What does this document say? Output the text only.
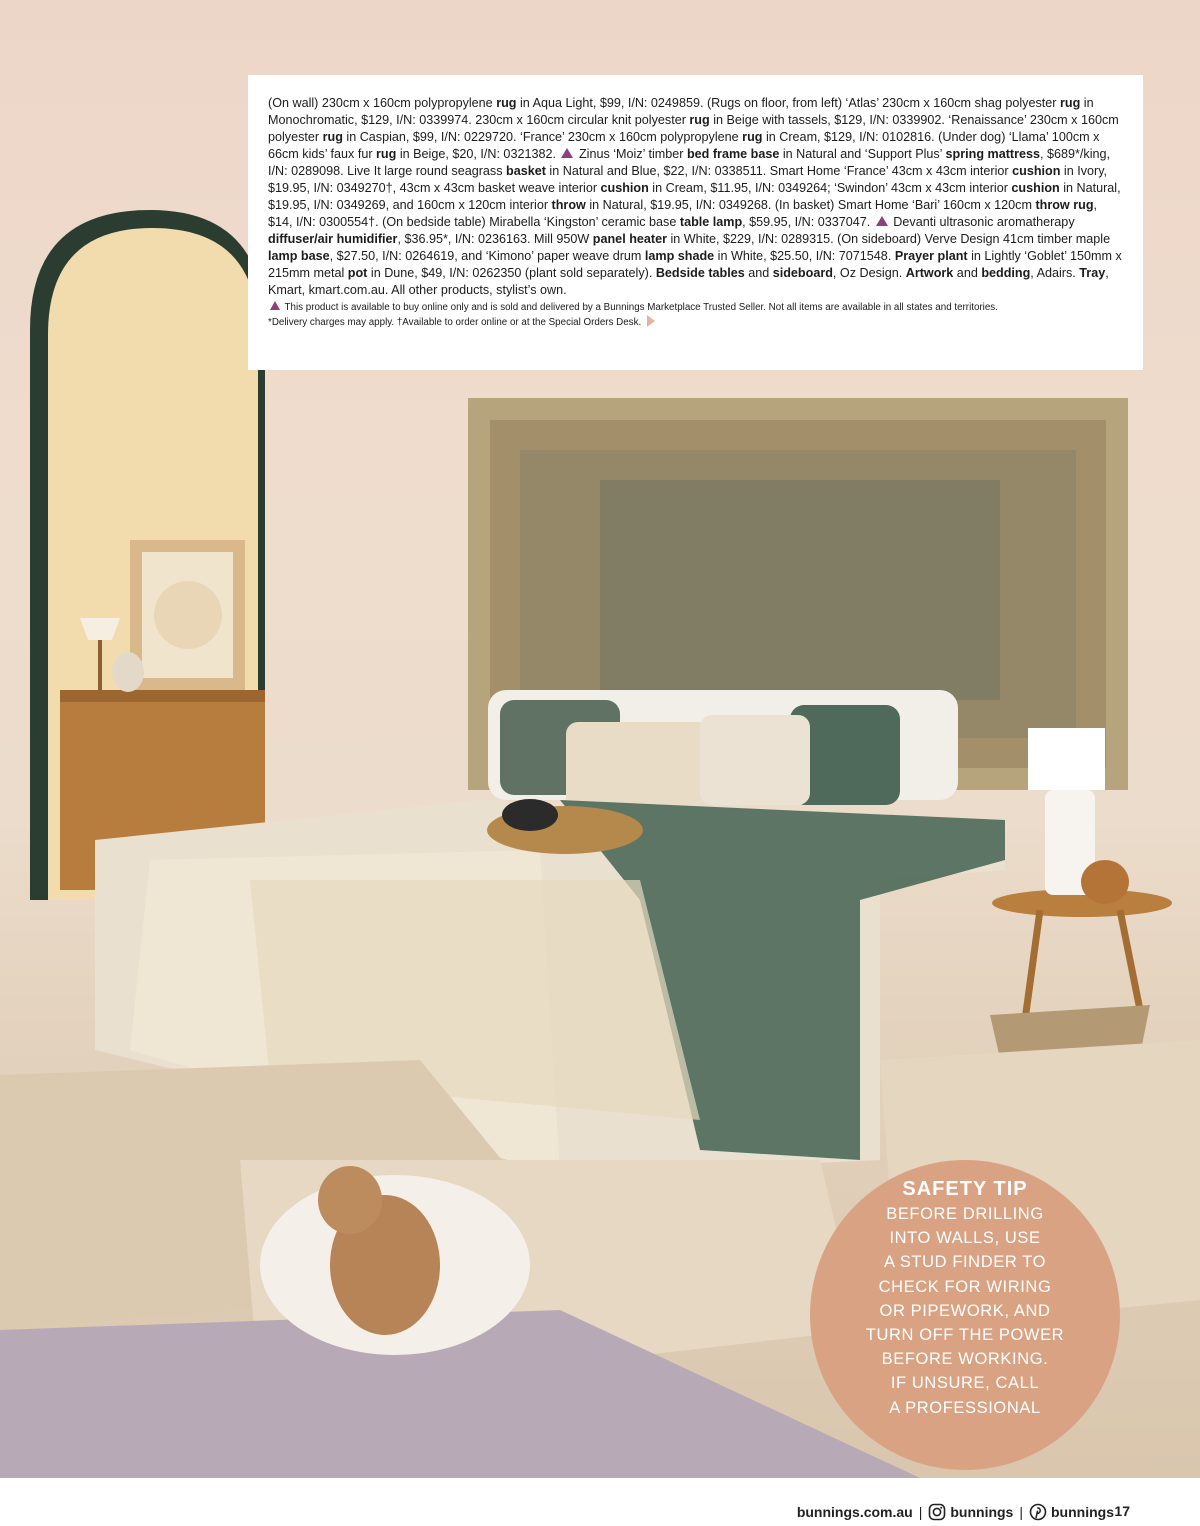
(On wall) 230cm x 160cm polypropylene rug in Aqua Light, $99, I/N: 0249859. (Rugs on floor, from left) ‘Atlas’ 230cm x 160cm shag polyester rug in Monochromatic, $129, I/N: 0339974. 230cm x 160cm circular knit polyester rug in Beige with tassels, $129, I/N: 0339902. ‘Renaissance’ 230cm x 160cm polyester rug in Caspian, $99, I/N: 0229720. ‘France’ 230cm x 160cm polypropylene rug in Cream, $129, I/N: 0102816. (Under dog) ‘Llama’ 100cm x 66cm kids’ faux fur rug in Beige, $20, I/N: 0321382.  Zinus ‘Moiz’ timber bed frame base in Natural and ‘Support Plus’ spring mattress, $689*/king, I/N: 0289098. Live It large round seagrass basket in Natural and Blue, $22, I/N: 0338511. Smart Home ‘France’ 43cm x 43cm interior cushion in Ivory, $19.95, I/N: 0349270†, 43cm x 43cm basket weave interior cushion in Cream, $11.95, I/N: 0349264; ‘Swindon’ 43cm x 43cm interior cushion in Natural, $19.95, I/N: 0349269, and 160cm x 120cm interior throw in Natural, $19.95, I/N: 0349268. (In basket) Smart Home ‘Bari’ 160cm x 120cm throw rug, $14, I/N: 0300554†. (On bedside table) Mirabella ‘Kingston’ ceramic base table lamp, $59.95, I/N: 0337047.  Devanti ultrasonic aromatherapy diffuser/air humidifier, $36.95*, I/N: 0236163. Mill 950W panel heater in White, $229, I/N: 0289315. (On sideboard) Verve Design 41cm timber maple lamp base, $27.50, I/N: 0264619, and ‘Kimono’ paper weave drum lamp shade in White, $25.50, I/N: 7071548. Prayer plant in Lightly ‘Goblet’ 150mm x 215mm metal pot in Dune, $49, I/N: 0262350 (plant sold separately). Bedside tables and sideboard, Oz Design. Artwork and bedding, Adairs. Tray, Kmart, kmart.com.au. All other products, stylist’s own.

This product is available to buy online only and is sold and delivered by a Bunnings Marketplace Trusted Seller. Not all items are available in all states and territories.
*Delivery charges may apply. †Available to order online or at the Special Orders Desk.
SAFETY TIP
BEFORE DRILLING
INTO WALLS, USE
A STUD FINDER TO
CHECK FOR WIRING
OR PIPEWORK, AND
TURN OFF THE POWER
BEFORE WORKING.
IF UNSURE, CALL
A PROFESSIONAL
bunnings.com.au | bunnings | bunnings 17
